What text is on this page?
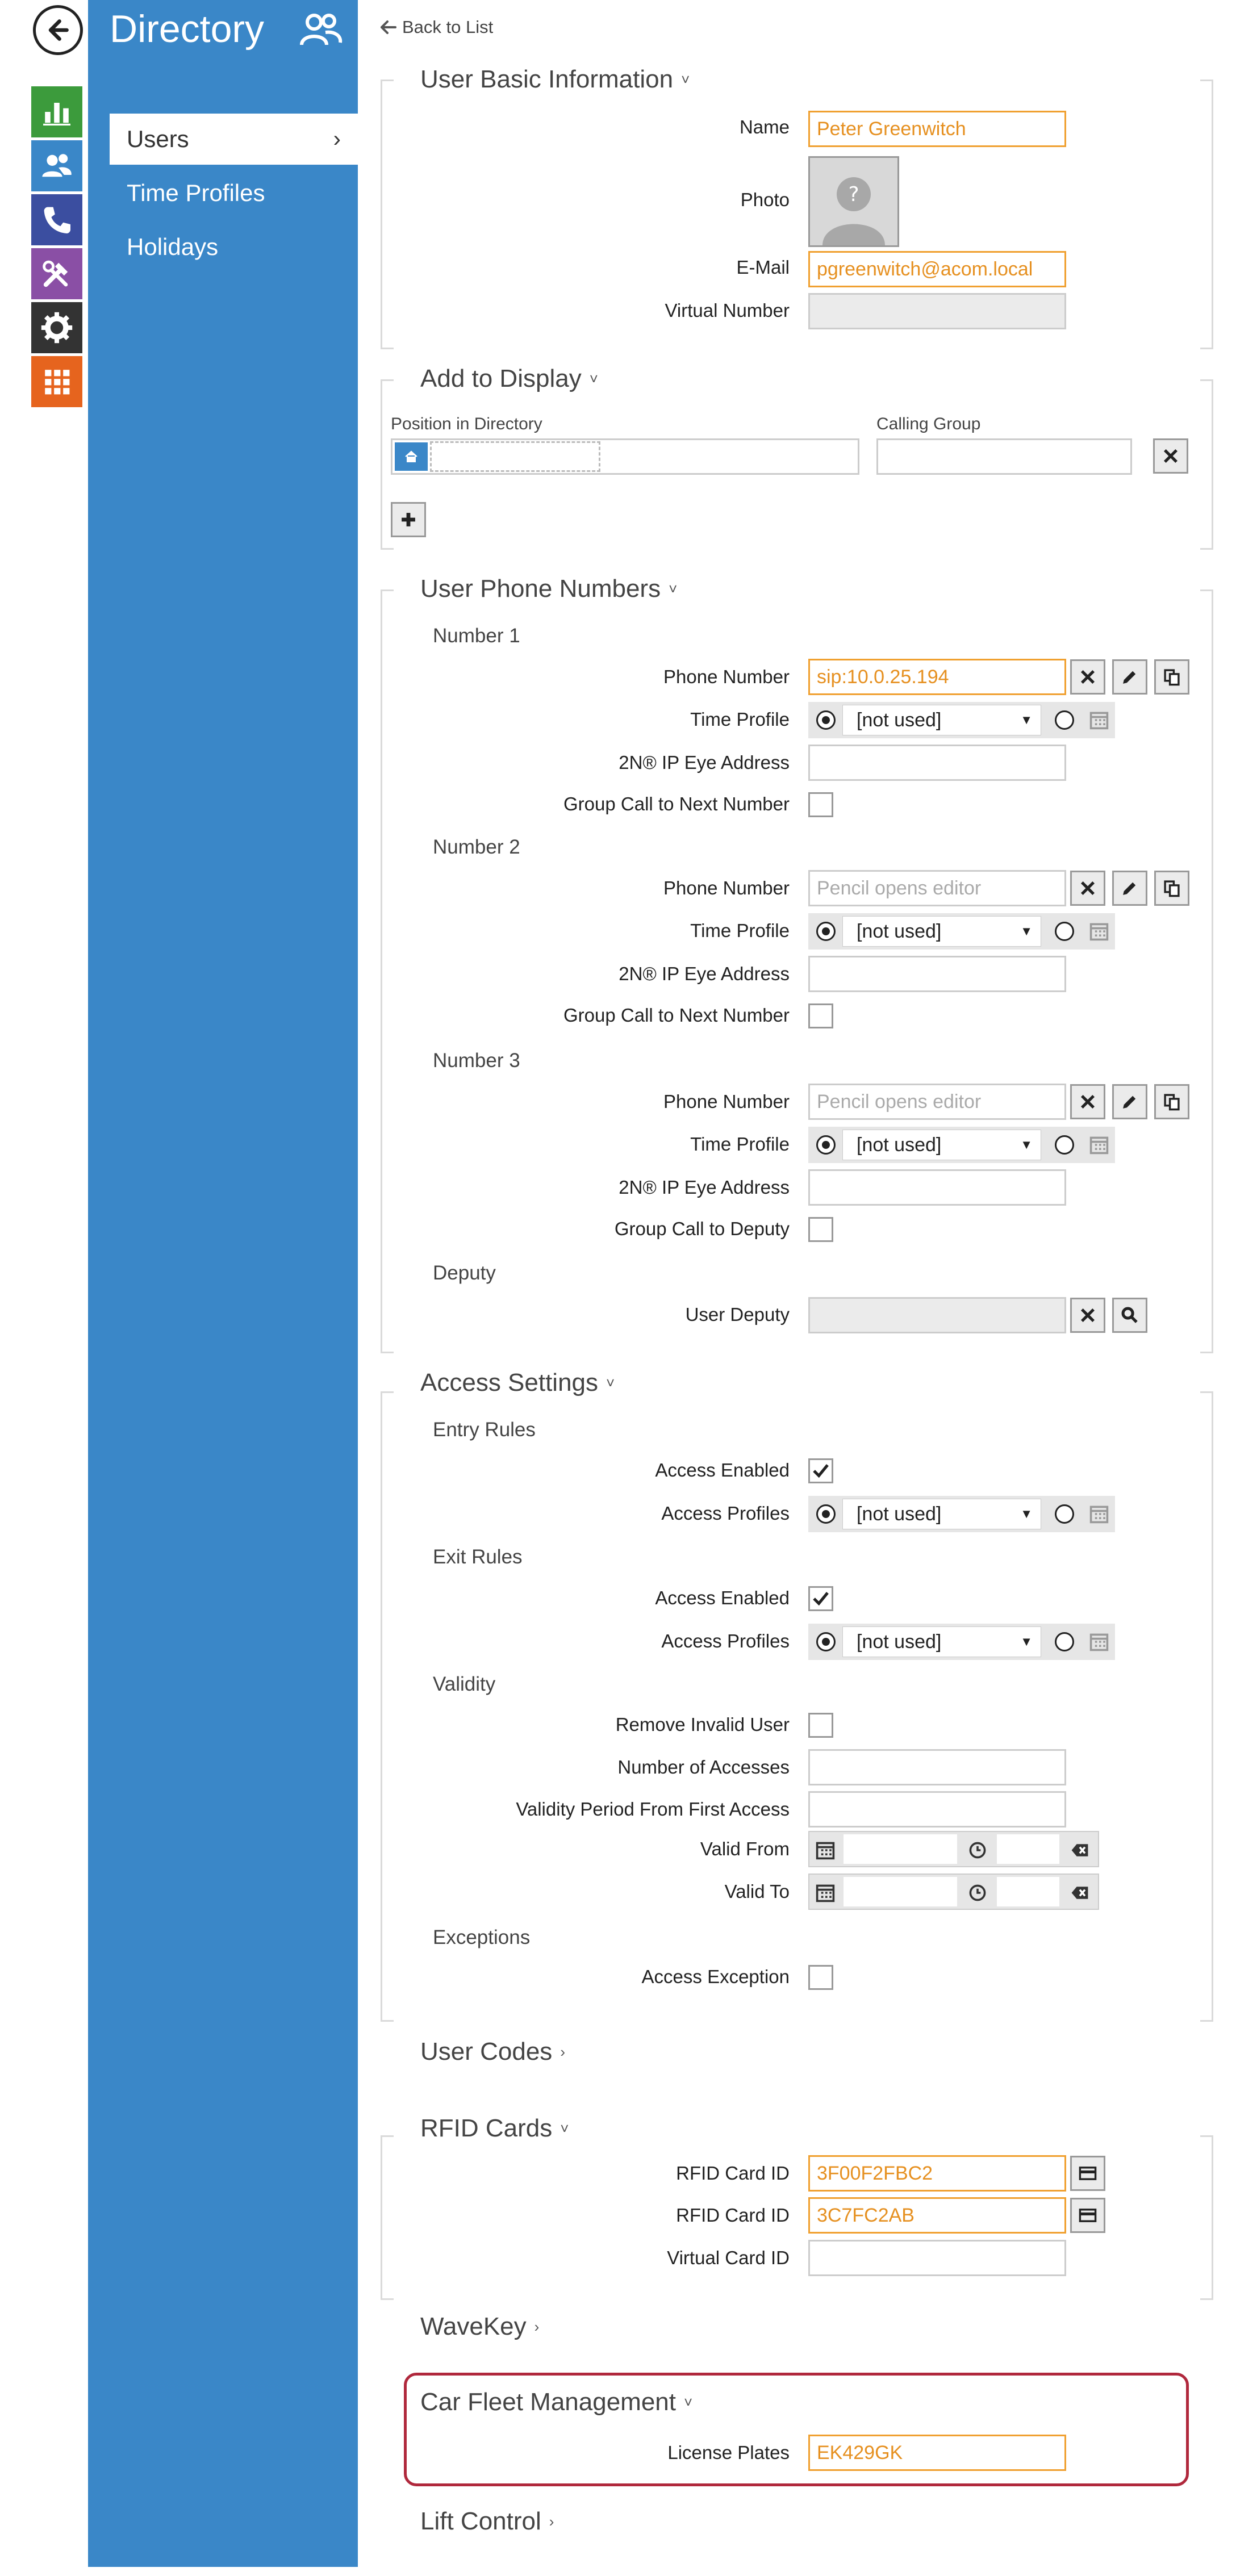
Directory
Users	›
Time Profiles
Holidays
Back to List
User Basic Information ˅
Name	Peter Greenwitch
Photo	?
E-Mail	pgreenwitch@acom.local
Virtual Number
Add to Display ˅
Position in Directory	Calling Group
User Phone Numbers ˅
Number 1
Phone Number	sip:10.0.25.194
Time Profile	[not used]	▼
2N® IP Eye Address
Group Call to Next Number
Number 2
Phone Number	Pencil opens editor
Time Profile	[not used]	▼
2N® IP Eye Address
Group Call to Next Number
Number 3
Phone Number	Pencil opens editor
Time Profile	[not used]	▼
2N® IP Eye Address
Group Call to Deputy
Deputy
User Deputy
Access Settings ˅
Entry Rules
Access Enabled
Access Profiles	[not used]	▼
Exit Rules
Access Enabled
Access Profiles	[not used]	▼
Validity
Remove Invalid User
Number of Accesses
Validity Period From First Access
Valid From
Valid To
Exceptions
Access Exception
User Codes ›
RFID Cards ˅
RFID Card ID	3F00F2FBC2
RFID Card ID	3C7FC2AB
Virtual Card ID
WaveKey ›
Car Fleet Management ˅
License Plates	EK429GK
Lift Control ›
